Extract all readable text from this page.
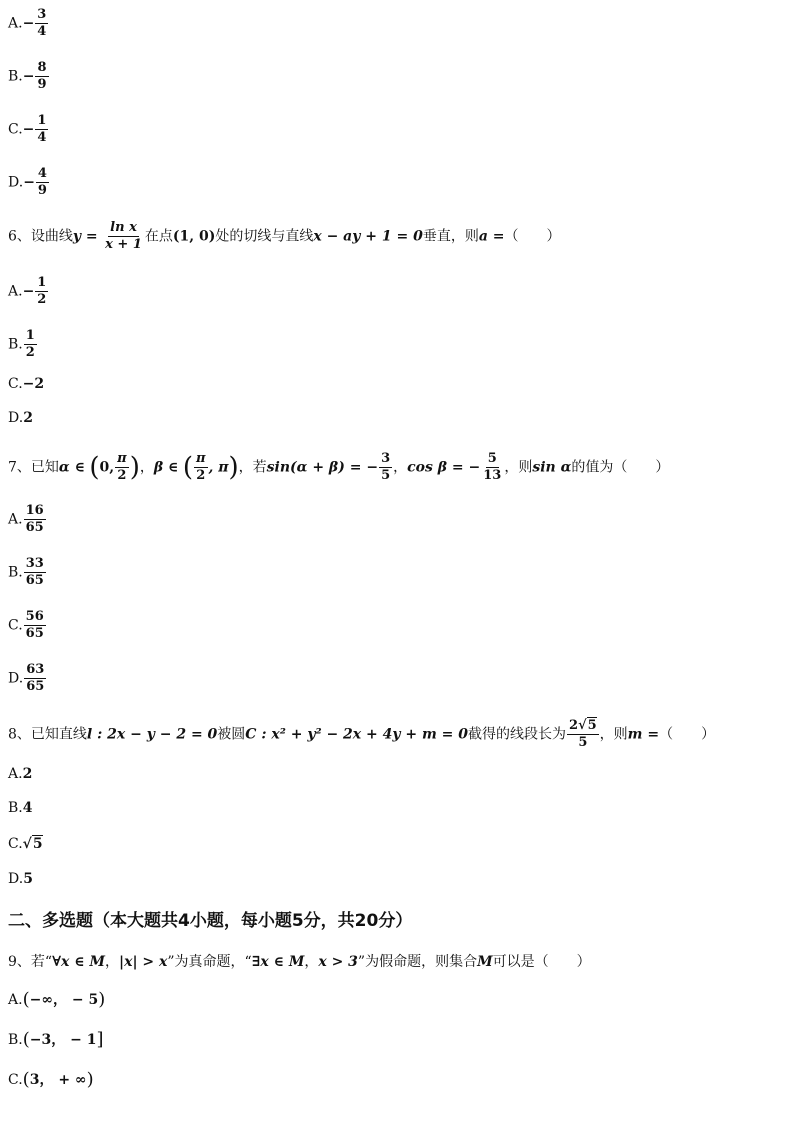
$A.- \frac{3}{4}$
$B.- \frac{8}{9}$
$C.- \frac{1}{4}$
$D.- \frac{4}{9}$
6、设曲线$y = \frac{\text{ln x}}{x + 1}$ 在点(1, 0)处的切线与直线x − ay + 1 = 0垂直，则a =（　　）
$A.- \frac{1}{2}$
B. $\frac{1}{2}$
C.−2
D.2
7、已知α ∈ (0, $\frac{\pi}{2}$ )，β ∈ ( $\frac{\pi}{2}$ , π)，若sin(α + β) = − $\frac{3}{5}$ ，cos β = − $\frac{5}{13}$ ，则sin α的值为（　　）
A. $\frac{16}{65}$
B. $\frac{33}{65}$
C. $\frac{56}{65}$
D. $\frac{63}{65}$
8、已知直线l : 2x − y − 2 = 0被圆C : x² + y² − 2x + 4y + m = 0截得的线段长为 $\frac{2√5}{5}$ ，则m =（　　）
A.2
B.4
C.√5
D.5
二、多选题（本大题共4小题，每小题5分，共20分）
9、若“∀x ∈ M，|x| > x”为真命题，“∃x ∈ M，x > 3”为假命题，则集合M可以是（　　）
A.(−∞， − 5)
B.(−3， − 1]
C.(3， + ∞)
